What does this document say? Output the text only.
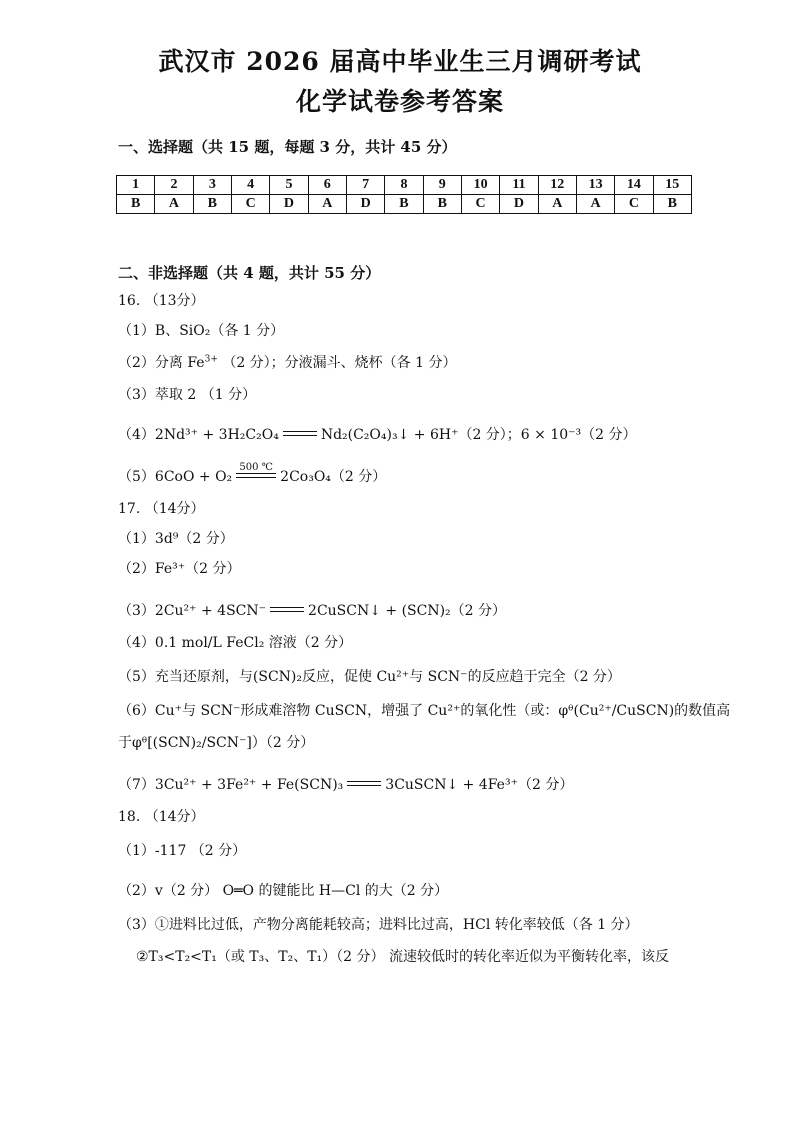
武汉市 2026 届高中毕业生三月调研考试
化学试卷参考答案
一、选择题（共 15 题，每题 3 分，共计 45 分）
1	2	3	4	5	6	7	8	9	10	11	12	13	14	15
B	A	B	C	D	A	D	B	B	C	D	A	A	C	B
二、非选择题（共 4 题，共计 55 分）
16. （13分）
（1）B、SiO₂（各 1 分）
（2）分离 $Fe^{3+}$ （2 分）；分液漏斗、烧杯（各 1 分）
（3）萃取 2 （1 分）
（4）2Nd³⁺ + 3H₂C₂O₄	Nd₂(C₂O₄)₃↓ + 6H⁺（2 分）；6 × 10⁻³（2 分）
（5）6CoO + O₂
500 ℃
2Co₃O₄（2 分）
17. （14分）
（1）3d⁹（2 分）
（2）Fe³⁺（2 分）
（3）2Cu²⁺ + 4SCN⁻	2CuSCN↓ + (SCN)₂（2 分）
（4）0.1 mol/L FeCl₂ 溶液（2 分）
（5）充当还原剂，与(SCN)₂反应，促使 Cu²⁺与 SCN⁻的反应趋于完全（2 分）
（6）Cu⁺与 SCN⁻形成难溶物 CuSCN，增强了 Cu²⁺的氧化性（或：φᶿ(Cu²⁺/CuSCN)的数值高
于φᶿ[(SCN)₂/SCN⁻]）（2 分）
（7）3Cu²⁺ + 3Fe²⁺ + Fe(SCN)₃	3CuSCN↓ + 4Fe³⁺（2 分）
18. （14分）
（1）-117 （2 分）
（2）v（2 分） O═O 的键能比 H—Cl 的大（2 分）
（3）①进料比过低，产物分离能耗较高；进料比过高，HCl 转化率较低（各 1 分）
②T₃<T₂<T₁（或 T₃、T₂、T₁）（2 分） 流速较低时的转化率近似为平衡转化率，该反
